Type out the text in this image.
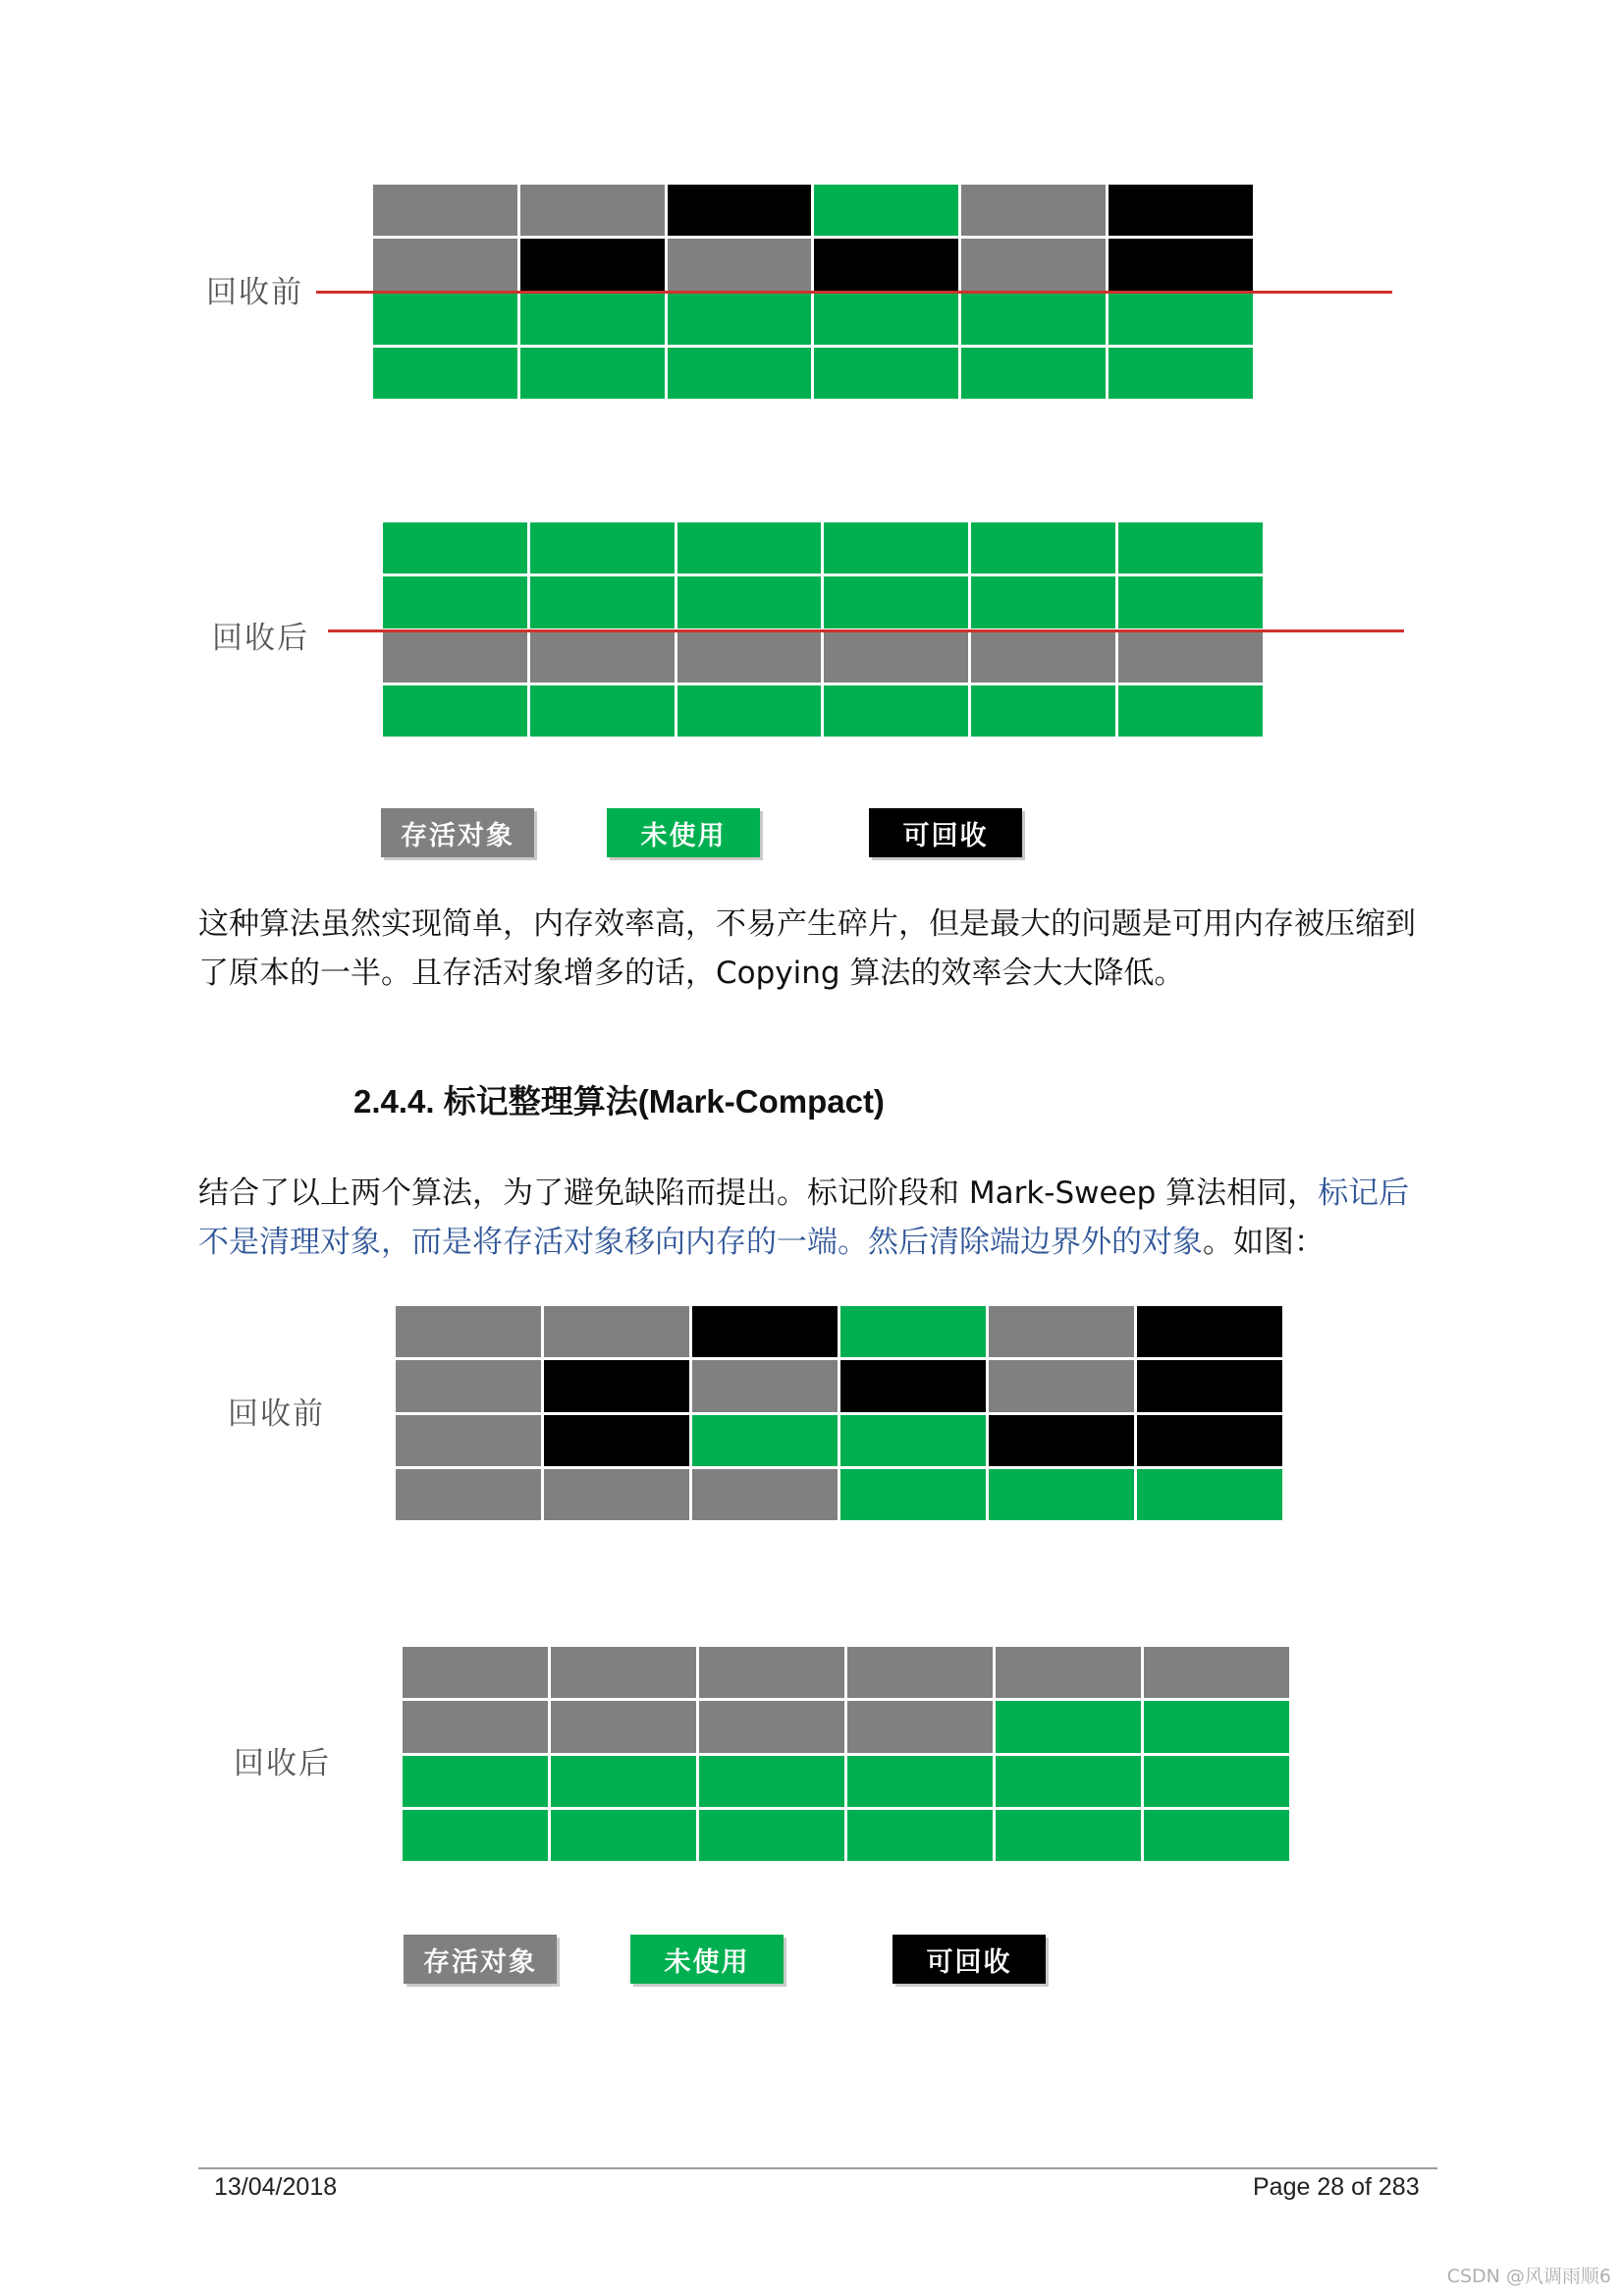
回收前
回收后
存活对象	未使用	可回收
这种算法虽然实现简单，内存效率高，不易产生碎片，但是最大的问题是可用内存被压缩到了原本的一半。且存活对象增多的话，Copying 算法的效率会大大降低。
2.4.4. 标记整理算法(Mark-Compact)
结合了以上两个算法，为了避免缺陷而提出。标记阶段和 Mark-Sweep 算法相同，标记后不是清理对象，而是将存活对象移向内存的一端。然后清除端边界外的对象。如图：
回收前
回收后
存活对象	未使用	可回收
13/04/2018	Page 28 of 283
CSDN @风调雨顺6
